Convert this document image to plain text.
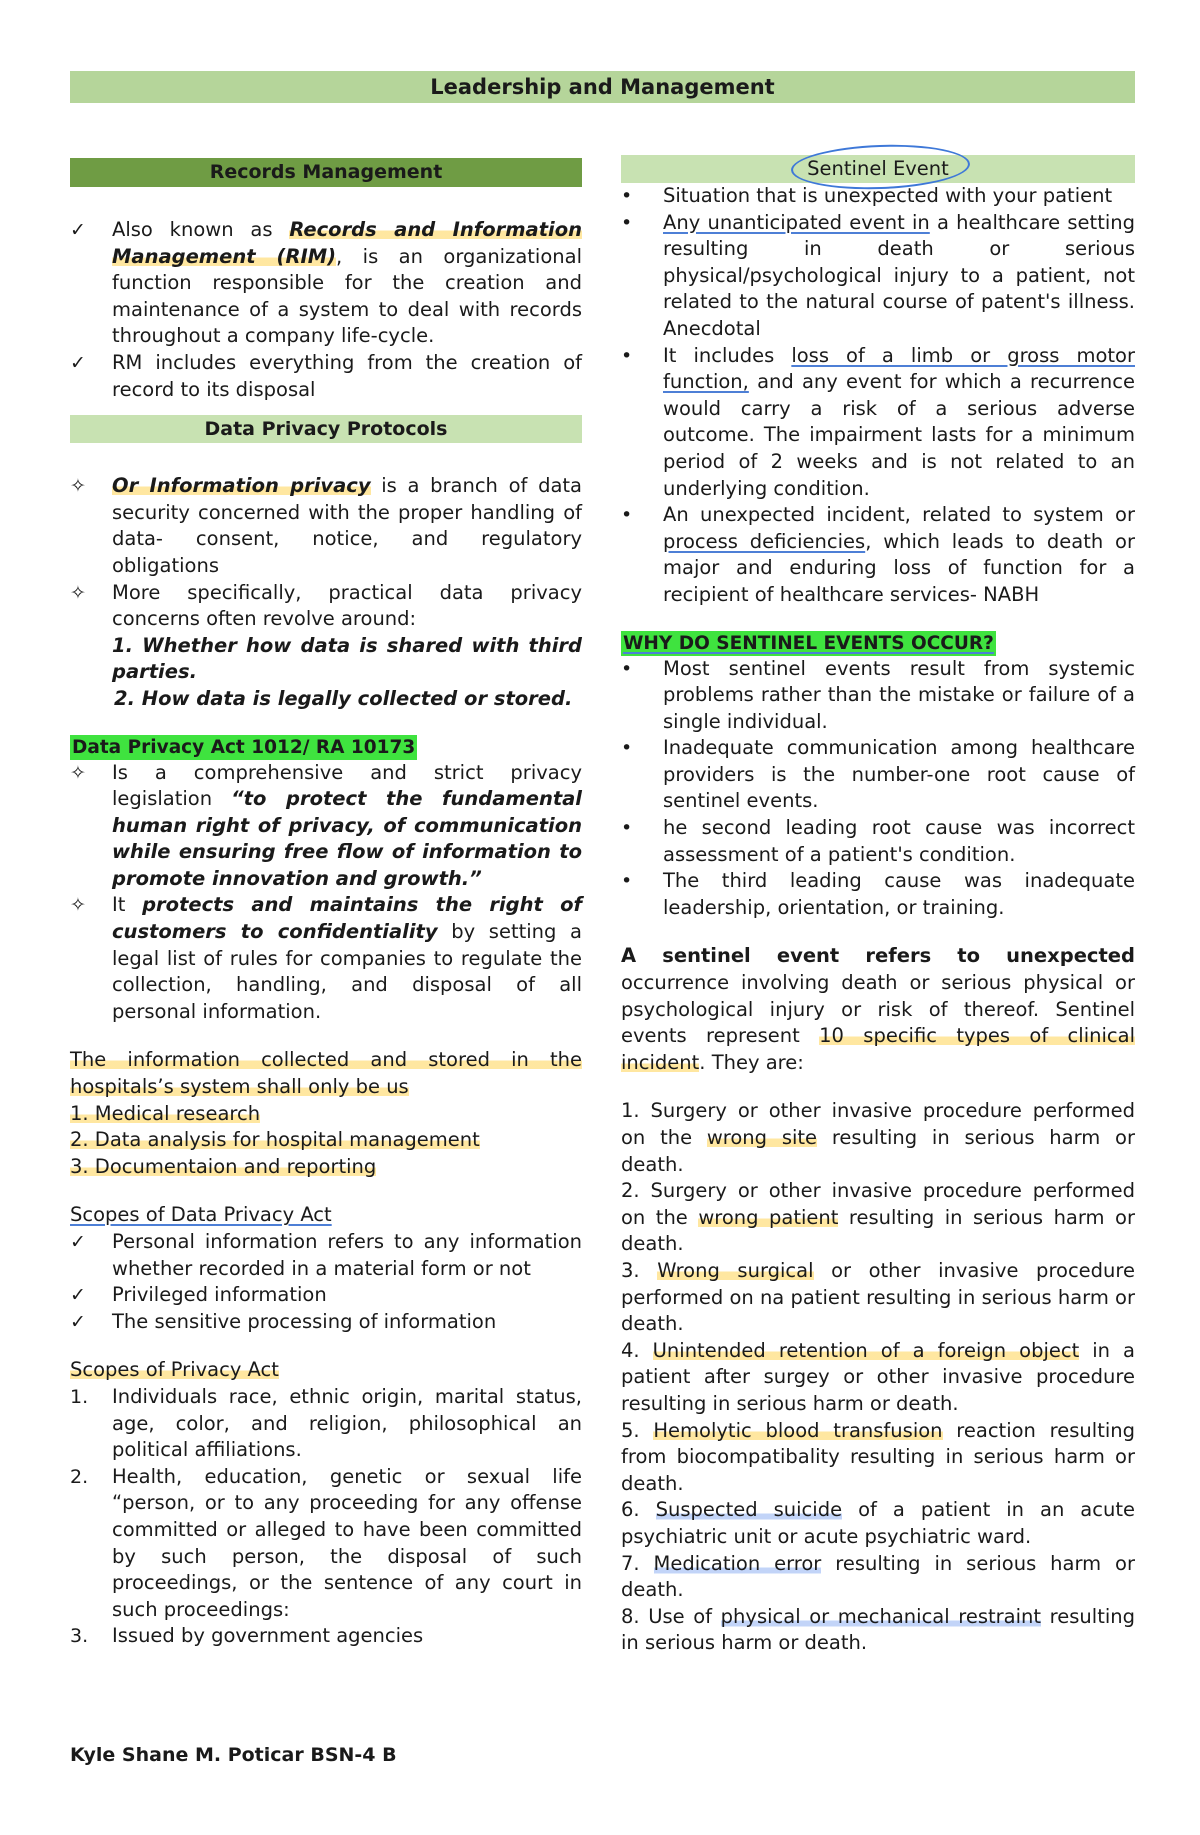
Leadership and Management
Records Management
✓	Also known as Records and Information Management (RIM), is an organizational function responsible for the creation and maintenance of a system to deal with records throughout a company life-cycle.
✓	RM includes everything from the creation of record to its disposal
Data Privacy Protocols
✧	Or Information privacy is a branch of data security concerned with the proper handling of data- consent, notice, and regulatory obligations
✧	More specifically, practical data privacy concerns often revolve around:
1. Whether how data is shared with third parties.
2. How data is legally collected or stored.
Data Privacy Act 1012/ RA 10173
✧	Is a comprehensive and strict privacy legislation “to protect the fundamental human right of privacy, of communication while ensuring free flow of information to promote innovation and growth.”
✧	It protects and maintains the right of customers to confidentiality by setting a legal list of rules for companies to regulate the collection, handling, and disposal of all personal information.

The information collected and stored in the hospitals’s system shall only be us

1. Medical research
2. Data analysis for hospital management
3. Documentaion and reporting
Scopes of Data Privacy Act
✓	Personal information refers to any information whether recorded in a material form or not
✓	Privileged information
✓	The sensitive processing of information
Scopes of Privacy Act
1.	Individuals race, ethnic origin, marital status, age, color, and religion, philosophical an political affiliations.
2.	Health, education, genetic or sexual life “person, or to any proceeding for any offense committed or alleged to have been committed by such person, the disposal of such proceedings, or the sentence of any court in such proceedings:
3.	Issued by government agencies
Sentinel Event
•	Situation that is unexpected with your patient
•	Any unanticipated event in a healthcare setting resulting in death or serious physical/psychological injury to a patient, not related to the natural course of patent's illness. Anecdotal
•	It includes loss of a limb or gross motor function, and any event for which a recurrence would carry a risk of a serious adverse outcome. The impairment lasts for a minimum period of 2 weeks and is not related to an underlying condition.
•	An unexpected incident, related to system or process deficiencies, which leads to death or major and enduring loss of function for a recipient of healthcare services- NABH
WHY DO SENTINEL EVENTS OCCUR?
•	Most sentinel events result from systemic problems rather than the mistake or failure of a single individual.
•	Inadequate communication among healthcare providers is the number-one root cause of sentinel events.
•	he second leading root cause was incorrect assessment of a patient's condition.
•	The third leading cause was inadequate leadership, orientation, or training.

A sentinel event refers to unexpected occurrence involving death or serious physical or psychological injury or risk of thereof. Sentinel events represent 10 specific types of clinical incident. They are:

1. Surgery or other invasive procedure performed on the wrong site resulting in serious harm or death.

2. Surgery or other invasive procedure performed on the wrong patient resulting in serious harm or death.

3. Wrong surgical or other invasive procedure performed on na patient resulting in serious harm or death.

4. Unintended retention of a foreign object in a patient after surgey or other invasive procedure resulting in serious harm or death.

5. Hemolytic blood transfusion reaction resulting from biocompatibality resulting in serious harm or death.

6. Suspected suicide of a patient in an acute psychiatric unit or acute psychiatric ward.

7. Medication error resulting in serious harm or death.

8. Use of physical or mechanical restraint resulting in serious harm or death.

Kyle Shane M. Poticar BSN-4 B
